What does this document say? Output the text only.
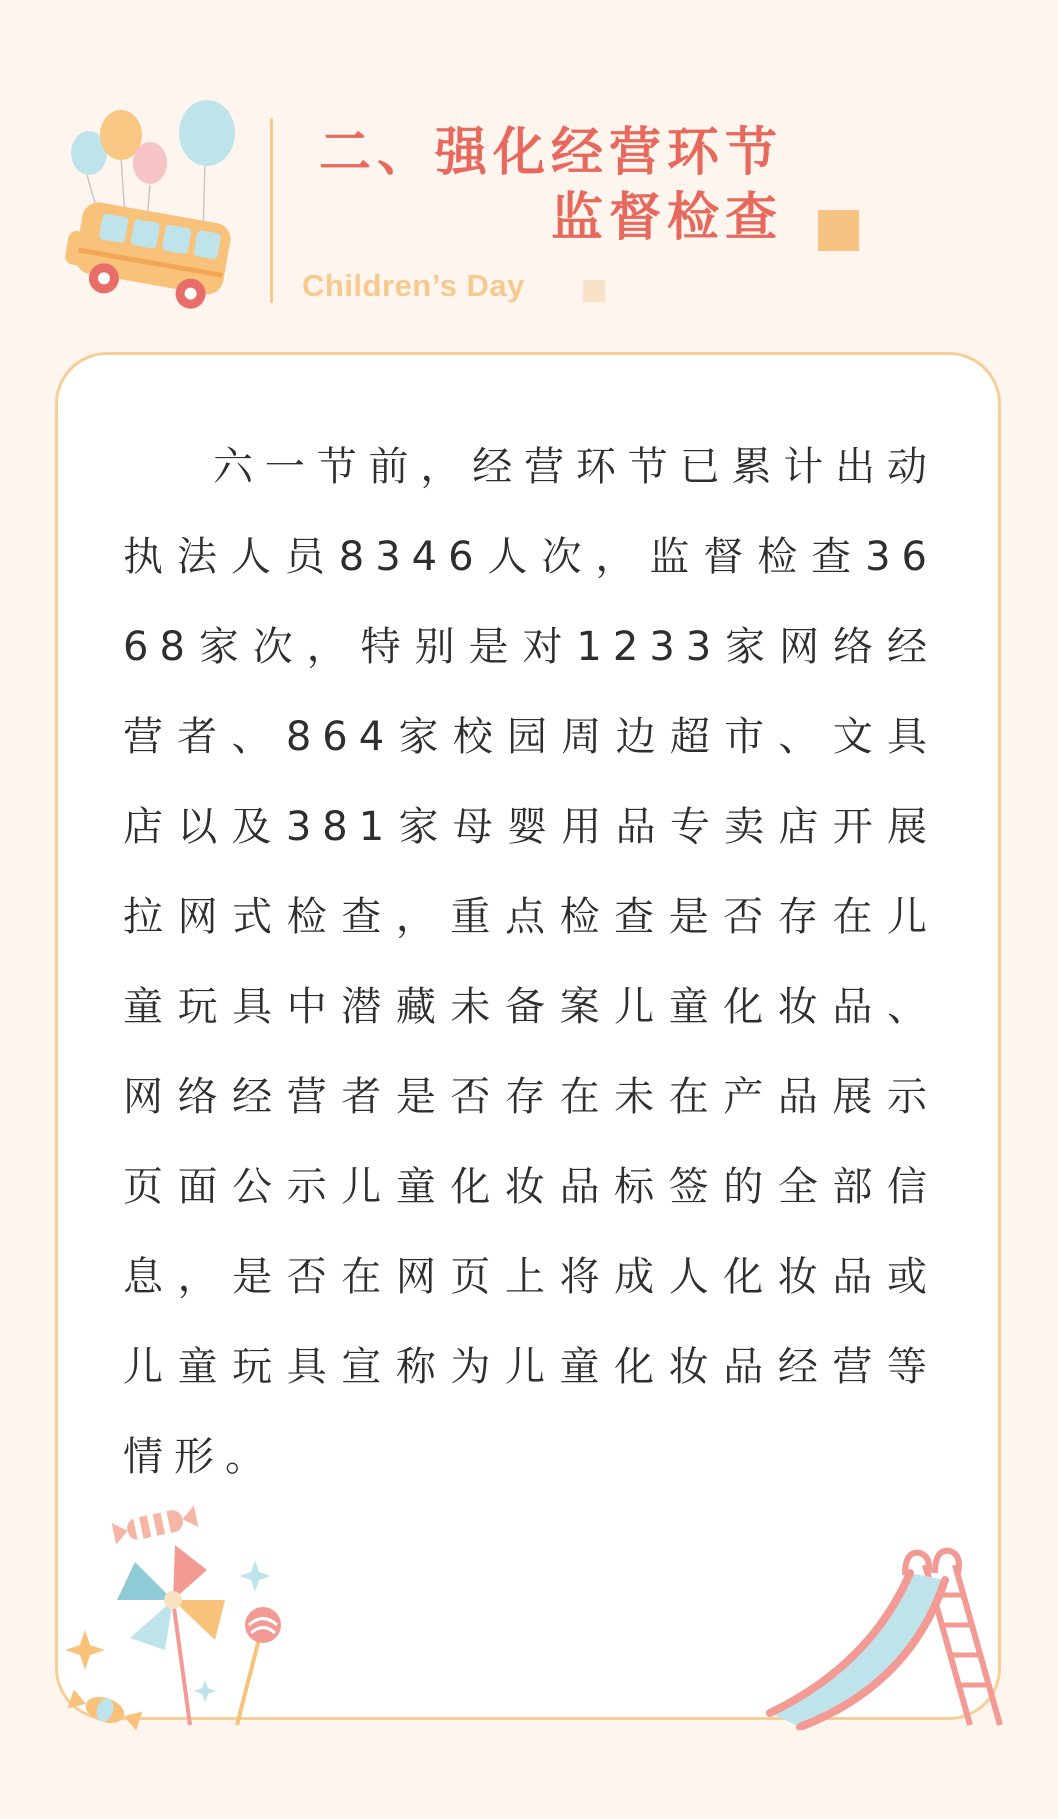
二、强化经营环节
监督检查
Children’s Day

六一节前，经营环节已累计出动执法人员8346人次，监督检查3668家次，特别是对1233家网络经营者、864家校园周边超市、文具店以及381家母婴用品专卖店开展拉网式检查，重点检查是否存在儿童玩具中潜藏未备案儿童化妆品、网络经营者是否存在未在产品展示页面公示儿童化妆品标签的全部信息，是否在网页上将成人化妆品或儿童玩具宣称为儿童化妆品经营等情形。
